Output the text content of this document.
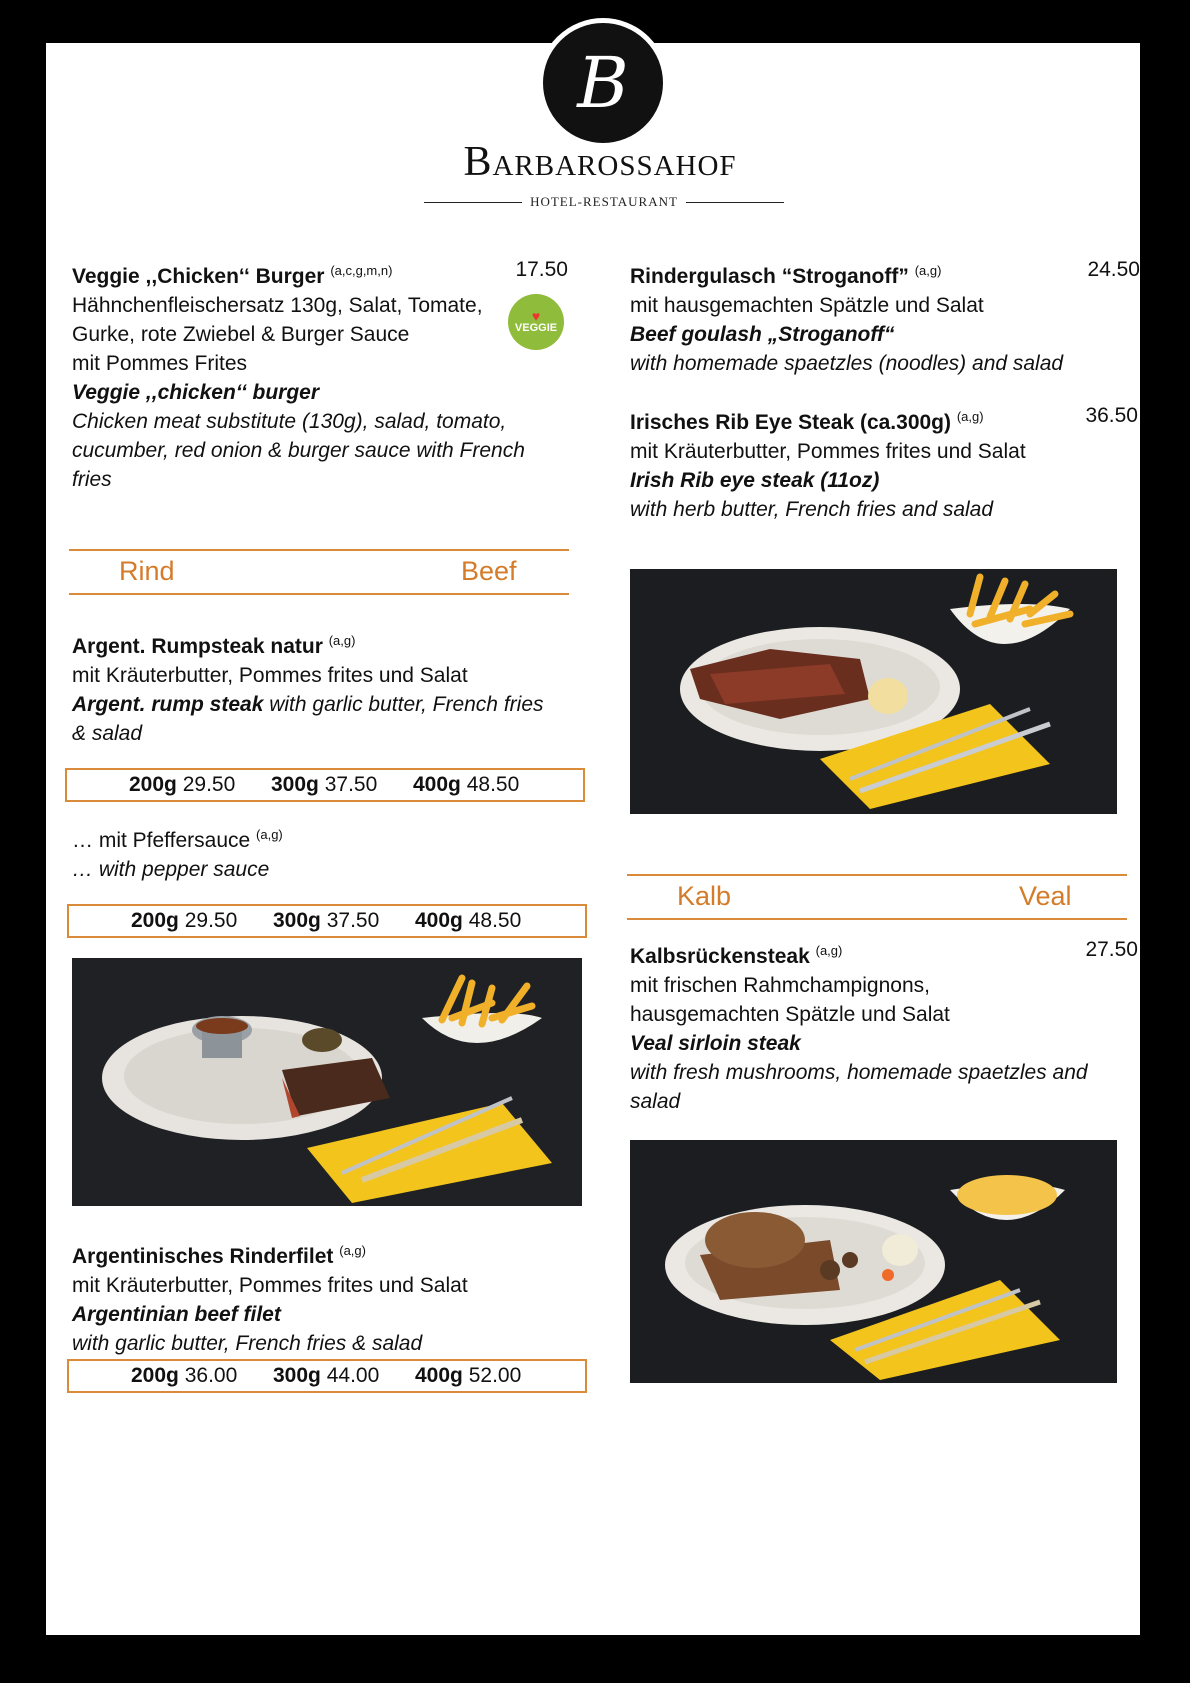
B
Barbarossahof
HOTEL-RESTAURANT
Veggie ,,Chicken‘‘ Burger $^{(a,c,g,m,n)}$
Hähnchenfleischersatz 130g, Salat, Tomate,
Gurke, rote Zwiebel & Burger Sauce
mit Pommes Frites
Veggie ,,chicken‘‘ burger
Chicken meat substitute (130g), salad, tomato,
cucumber, red onion & burger sauce with French
fries
17.50
♥
VEGGIE
Rind	Beef
Argent. Rumpsteak natur $^{(a,g)}$
mit Kräuterbutter, Pommes frites und Salat
Argent. rump steak with garlic butter, French fries
& salad
200g 29.50 300g 37.50 400g 48.50
… mit Pfeffersauce $^{(a,g)}$
… with pepper sauce
200g 29.50 300g 37.50 400g 48.50
Argentinisches Rinderfilet $^{(a,g)}$
mit Kräuterbutter, Pommes frites und Salat
Argentinian beef filet
with garlic butter, French fries & salad
200g 36.00 300g 44.00 400g 52.00
Rindergulasch “Stroganoff” $^{(a,g)}$
mit hausgemachten Spätzle und Salat
Beef goulash „Stroganoff“
with homemade spaetzles (noodles) and salad
24.50
Irisches Rib Eye Steak (ca.300g) $^{(a,g)}$
mit Kräuterbutter, Pommes frites und Salat
Irish Rib eye steak (11oz)
with herb butter, French fries and salad
36.50
Kalb	Veal
Kalbsrückensteak $^{(a,g)}$
mit frischen Rahmchampignons,
hausgemachten Spätzle und Salat
Veal sirloin steak
with fresh mushrooms, homemade spaetzles and
salad
27.50
